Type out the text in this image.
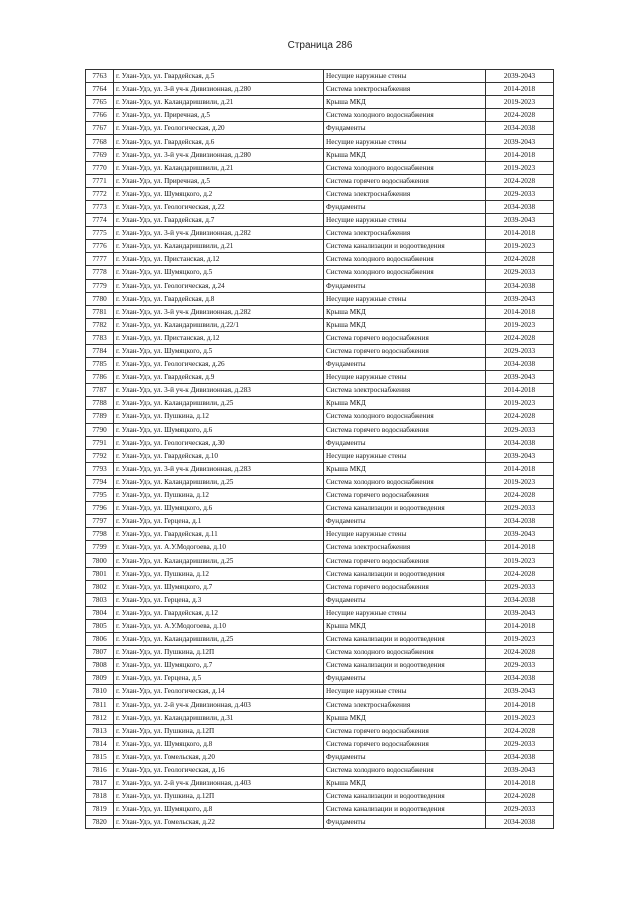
Страница 286
7763	г. Улан-Удэ, ул. Гвардейская, д.5	Несущие наружные стены	2039-2043
7764	г. Улан-Удэ, ул. 3-й уч-к Дивизионная, д.280	Система электроснабжения	2014-2018
7765	г. Улан-Удэ, ул. Каландаришвили, д.21	Крыша МКД	2019-2023
7766	г. Улан-Удэ, ул. Приречная, д.5	Система холодного водоснабжения	2024-2028
7767	г. Улан-Удэ, ул. Геологическая, д.20	Фундаменты	2034-2038
7768	г. Улан-Удэ, ул. Гвардейская, д.6	Несущие наружные стены	2039-2043
7769	г. Улан-Удэ, ул. 3-й уч-к Дивизионная, д.280	Крыша МКД	2014-2018
7770	г. Улан-Удэ, ул. Каландаришвили, д.21	Система холодного водоснабжения	2019-2023
7771	г. Улан-Удэ, ул. Приречная, д.5	Система горячего водоснабжения	2024-2028
7772	г. Улан-Удэ, ул. Шумяцкого, д.2	Система электроснабжения	2029-2033
7773	г. Улан-Удэ, ул. Геологическая, д.22	Фундаменты	2034-2038
7774	г. Улан-Удэ, ул. Гвардейская, д.7	Несущие наружные стены	2039-2043
7775	г. Улан-Удэ, ул. 3-й уч-к Дивизионная, д.282	Система электроснабжения	2014-2018
7776	г. Улан-Удэ, ул. Каландаришвили, д.21	Система канализации и водоотведения	2019-2023
7777	г. Улан-Удэ, ул. Пристанская, д.12	Система холодного водоснабжения	2024-2028
7778	г. Улан-Удэ, ул. Шумяцкого, д.5	Система холодного водоснабжения	2029-2033
7779	г. Улан-Удэ, ул. Геологическая, д.24	Фундаменты	2034-2038
7780	г. Улан-Удэ, ул. Гвардейская, д.8	Несущие наружные стены	2039-2043
7781	г. Улан-Удэ, ул. 3-й уч-к Дивизионная, д.282	Крыша МКД	2014-2018
7782	г. Улан-Удэ, ул. Каландаришвили, д.22/1	Крыша МКД	2019-2023
7783	г. Улан-Удэ, ул. Пристанская, д.12	Система горячего водоснабжения	2024-2028
7784	г. Улан-Удэ, ул. Шумяцкого, д.5	Система горячего водоснабжения	2029-2033
7785	г. Улан-Удэ, ул. Геологическая, д.26	Фундаменты	2034-2038
7786	г. Улан-Удэ, ул. Гвардейская, д.9	Несущие наружные стены	2039-2043
7787	г. Улан-Удэ, ул. 3-й уч-к Дивизионная, д.283	Система электроснабжения	2014-2018
7788	г. Улан-Удэ, ул. Каландаришвили, д.25	Крыша МКД	2019-2023
7789	г. Улан-Удэ, ул. Пушкина, д.12	Система холодного водоснабжения	2024-2028
7790	г. Улан-Удэ, ул. Шумяцкого, д.6	Система горячего водоснабжения	2029-2033
7791	г. Улан-Удэ, ул. Геологическая, д.30	Фундаменты	2034-2038
7792	г. Улан-Удэ, ул. Гвардейская, д.10	Несущие наружные стены	2039-2043
7793	г. Улан-Удэ, ул. 3-й уч-к Дивизионная, д.283	Крыша МКД	2014-2018
7794	г. Улан-Удэ, ул. Каландаришвили, д.25	Система холодного водоснабжения	2019-2023
7795	г. Улан-Удэ, ул. Пушкина, д.12	Система горячего водоснабжения	2024-2028
7796	г. Улан-Удэ, ул. Шумяцкого, д.6	Система канализации и водоотведения	2029-2033
7797	г. Улан-Удэ, ул. Герцена, д.1	Фундаменты	2034-2038
7798	г. Улан-Удэ, ул. Гвардейская, д.11	Несущие наружные стены	2039-2043
7799	г. Улан-Удэ, ул. А.У.Модогоева, д.10	Система электроснабжения	2014-2018
7800	г. Улан-Удэ, ул. Каландаришвили, д.25	Система горячего водоснабжения	2019-2023
7801	г. Улан-Удэ, ул. Пушкина, д.12	Система канализации и водоотведения	2024-2028
7802	г. Улан-Удэ, ул. Шумяцкого, д.7	Система горячего водоснабжения	2029-2033
7803	г. Улан-Удэ, ул. Герцена, д.3	Фундаменты	2034-2038
7804	г. Улан-Удэ, ул. Гвардейская, д.12	Несущие наружные стены	2039-2043
7805	г. Улан-Удэ, ул. А.У.Модогоева, д.10	Крыша МКД	2014-2018
7806	г. Улан-Удэ, ул. Каландаришвили, д.25	Система канализации и водоотведения	2019-2023
7807	г. Улан-Удэ, ул. Пушкина, д.12П	Система холодного водоснабжения	2024-2028
7808	г. Улан-Удэ, ул. Шумяцкого, д.7	Система канализации и водоотведения	2029-2033
7809	г. Улан-Удэ, ул. Герцена, д.5	Фундаменты	2034-2038
7810	г. Улан-Удэ, ул. Геологическая, д.14	Несущие наружные стены	2039-2043
7811	г. Улан-Удэ, ул. 2-й уч-к Дивизионная, д.403	Система электроснабжения	2014-2018
7812	г. Улан-Удэ, ул. Каландаришвили, д.31	Крыша МКД	2019-2023
7813	г. Улан-Удэ, ул. Пушкина, д.12П	Система горячего водоснабжения	2024-2028
7814	г. Улан-Удэ, ул. Шумяцкого, д.8	Система горячего водоснабжения	2029-2033
7815	г. Улан-Удэ, ул. Гомельская, д.20	Фундаменты	2034-2038
7816	г. Улан-Удэ, ул. Геологическая, д.16	Система холодного водоснабжения	2039-2043
7817	г. Улан-Удэ, ул. 2-й уч-к Дивизионная, д.403	Крыша МКД	2014-2018
7818	г. Улан-Удэ, ул. Пушкина, д.12П	Система канализации и водоотведения	2024-2028
7819	г. Улан-Удэ, ул. Шумяцкого, д.8	Система канализации и водоотведения	2029-2033
7820	г. Улан-Удэ, ул. Гомельская, д.22	Фундаменты	2034-2038
